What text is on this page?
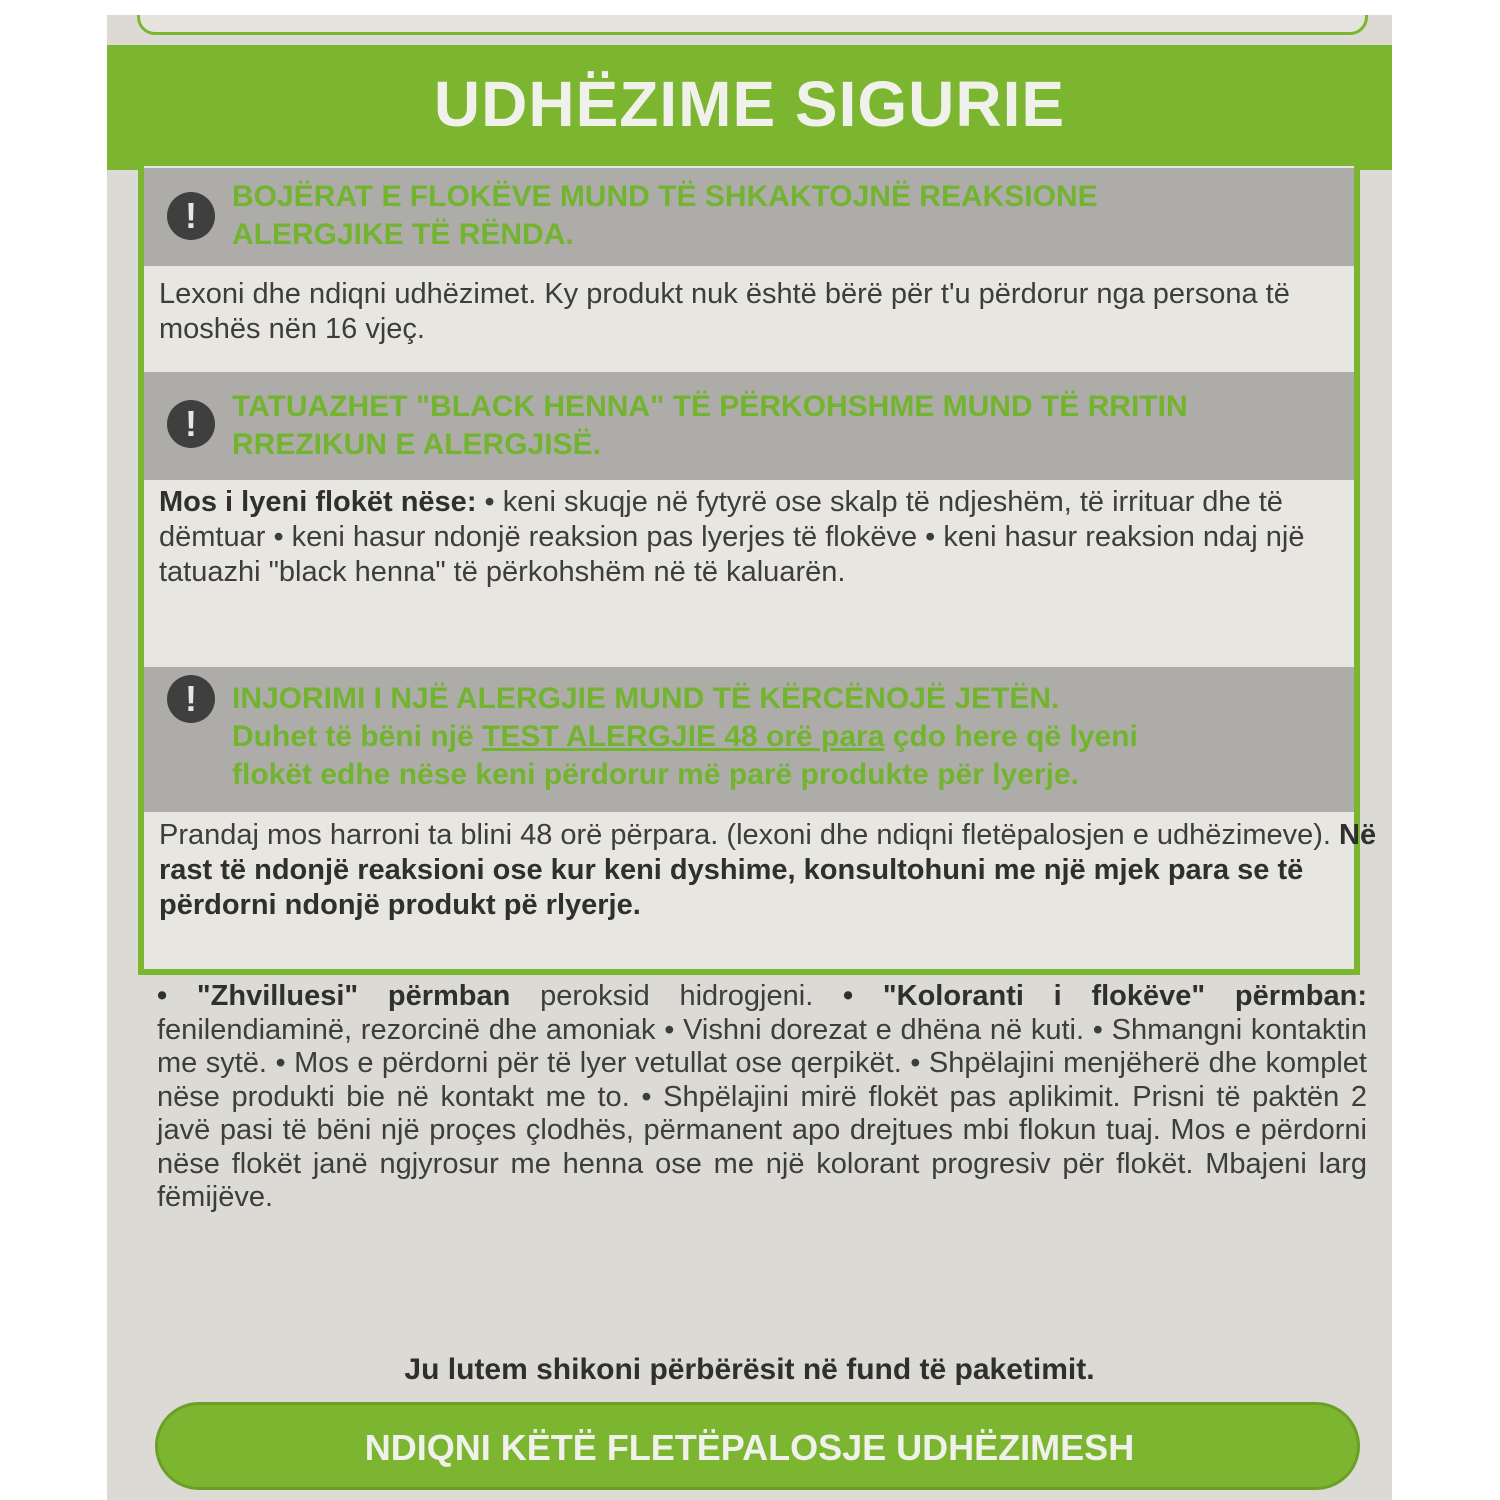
UDHËZIME SIGURIE
!	BOJËRAT E FLOKËVE MUND TË SHKAKTOJNË REAKSIONE
ALERGJIKE TË RËNDA.
Lexoni dhe ndiqni udhëzimet. Ky produkt nuk është bërë për t'u përdorur nga persona të moshës nën 16 vjeç.
!	TATUAZHET "BLACK HENNA" TË PËRKOHSHME MUND TË RRITIN
RREZIKUN E ALERGJISË.
Mos i lyeni flokët nëse: • keni skuqje në fytyrë ose skalp të ndjeshëm, të irrituar dhe të dëmtuar • keni hasur ndonjë reaksion pas lyerjes të flokëve • keni hasur reaksion ndaj një tatuazhi "black henna" të përkohshëm në të kaluarën.
!	INJORIMI I NJË ALERGJIE MUND TË KËRCËNOJË JETËN.
Duhet të bëni një TEST ALERGJIE 48 orë para çdo here që lyeni
flokët edhe nëse keni përdorur më parë produkte për lyerje.
Prandaj mos harroni ta blini 48 orë përpara. (lexoni dhe ndiqni fletëpalosjen e udhëzimeve). Në rast të ndonjë reaksioni ose kur keni dyshime, konsultohuni me një mjek para se të përdorni ndonjë produkt pë rlyerje.
• "Zhvilluesi" përmban peroksid hidrogjeni. • "Koloranti i flokëve" përmban: fenilendiaminë, rezorcinë dhe amoniak • Vishni dorezat e dhëna në kuti. • Shmangni kontaktin me sytë. • Mos e përdorni për të lyer vetullat ose qerpikët. • Shpëlajini menjëherë dhe komplet nëse produkti bie në kontakt me to. • Shpëlajini mirë flokët pas aplikimit. Prisni të paktën 2 javë pasi të bëni një proçes çlodhës, përmanent apo drejtues mbi flokun tuaj. Mos e përdorni nëse flokët janë ngjyrosur me henna ose me një kolorant progresiv për flokët. Mbajeni larg fëmijëve.
Ju lutem shikoni përbërësit në fund të paketimit.
NDIQNI KËTË FLETËPALOSJE UDHËZIMESH
